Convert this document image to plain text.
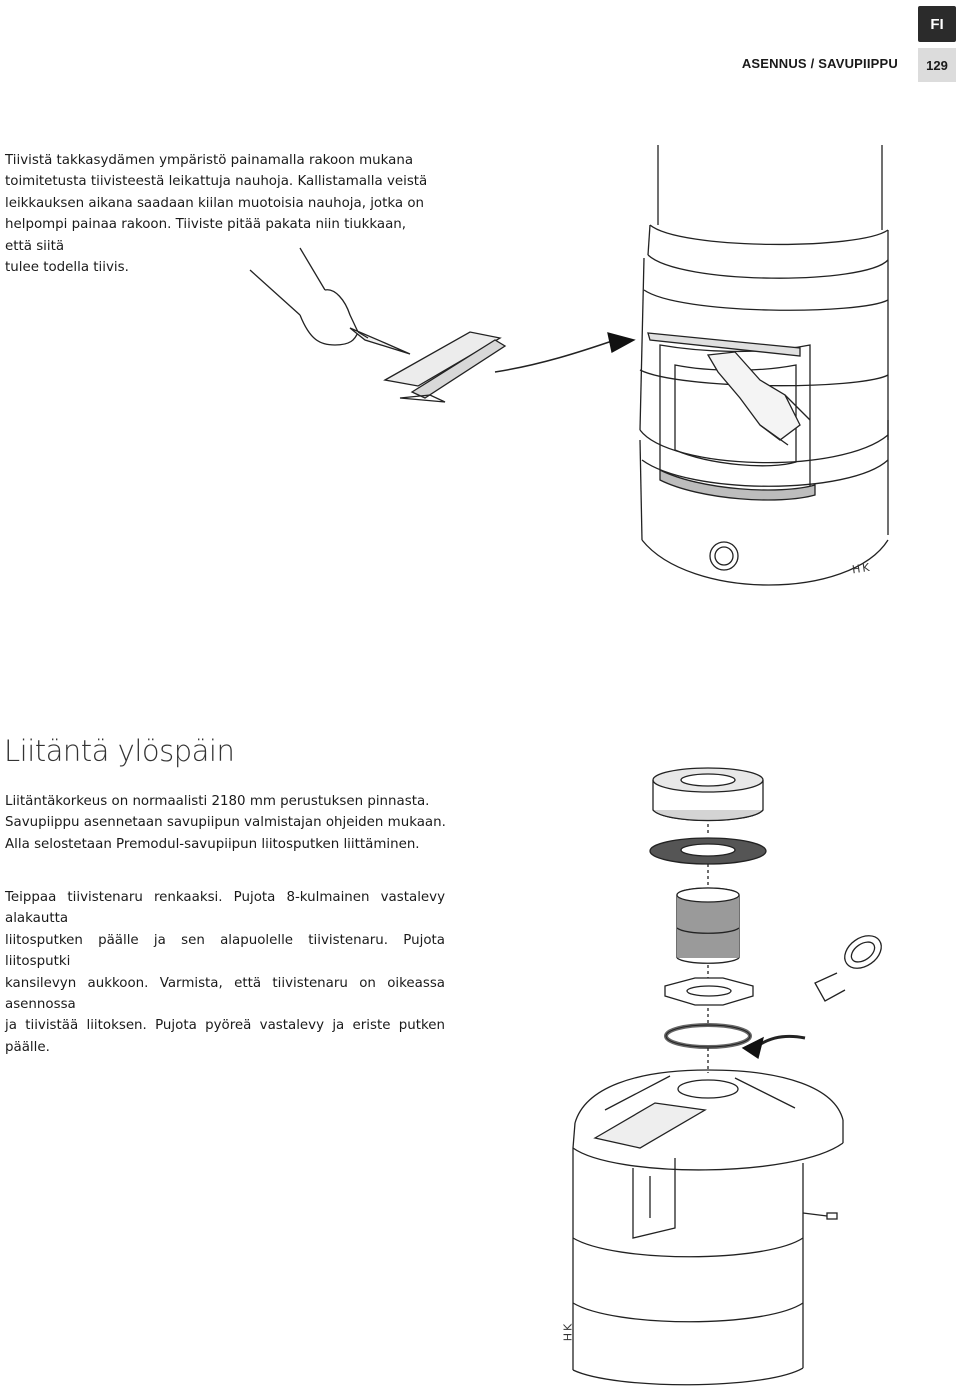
FI
ASENNUS / SAVUPIIPPU	129
Tiivistä takkasydämen ympäristö painamalla rakoon mukana
toimitetusta tiivisteestä leikattuja nauhoja. Kallistamalla veistä
leikkauksen aikana saadaan kiilan muotoisia nauhoja, jotka on
helpompi painaa rakoon. Tiiviste pitää pakata niin tiukkaan, että siitä
tulee todella tiivis.
HK
Liitäntä ylöspäin
Liitäntäkorkeus on normaalisti 2180 mm perustuksen pinnasta.
Savupiippu asennetaan savupiipun valmistajan ohjeiden mukaan.
Alla selostetaan Premodul-savupiipun liitosputken liittäminen.
Teippaa tiivistenaru renkaaksi. Pujota 8-kulmainen vastalevy alakautta
liitosputken päälle ja sen alapuolelle tiivistenaru. Pujota liitosputki
kansilevyn aukkoon. Varmista, että tiivistenaru on oikeassa asennossa
ja tiivistää liitoksen. Pujota pyöreä vastalevy ja eriste putken päälle.
HK
